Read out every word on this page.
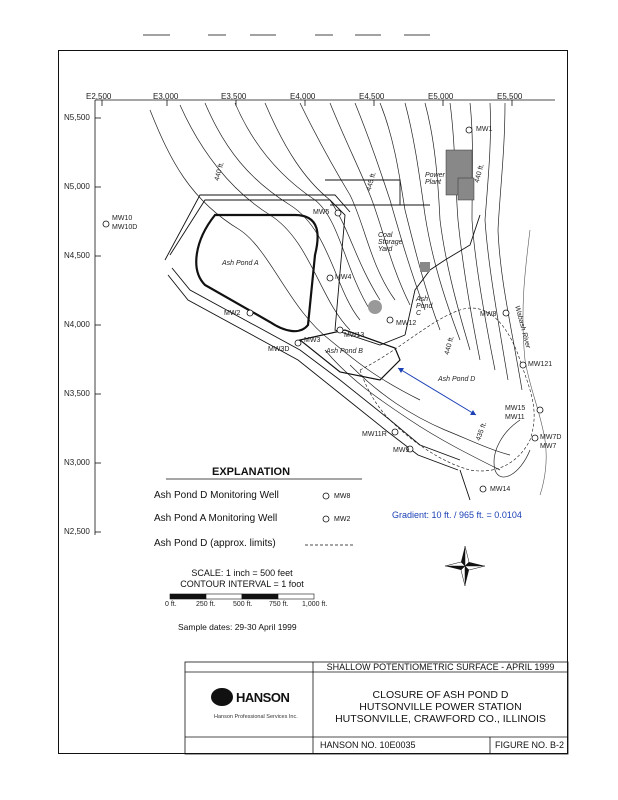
E2,500	E3,000	E3,500	E4,000	E4,500	E5,000	E5,500
N5,500
N5,000
N4,500
N4,000
N3,500
N3,000
N2,500
440 ft.	445 ft.	440 ft.
440 ft.
435 ft.
Power Plant
Coal Storage Yard
Ash Pond A
Ash Pond B
Ash Pond C
Ash Pond D
Wabash River
MW1
MW10
MW10D
MW5
MW4
MW2
MW3
MW3D
MW13
MW12
MW8
MW121
MW15
MW11
MW11R
MW9
MW14
MW7D
MW7
EXPLANATION
Ash Pond D Monitoring Well
Ash Pond A Monitoring Well
Ash Pond D (approx. limits)
MW8
MW2
SCALE: 1 inch = 500 feet
CONTOUR INTERVAL = 1 foot
0 ft.	250 ft.	500 ft. 750 ft. 1,000 ft.
Gradient: 10 ft. / 965 ft. = 0.0104
Sample dates: 29-30 April 1999
SHALLOW POTENTIOMETRIC SURFACE - APRIL 1999
CLOSURE OF ASH POND D
HUTSONVILLE POWER STATION
HUTSONVILLE, CRAWFORD CO., ILLINOIS
HANSON
Hanson Professional Services Inc.
HANSON NO. 10E0035	FIGURE NO. B-2
